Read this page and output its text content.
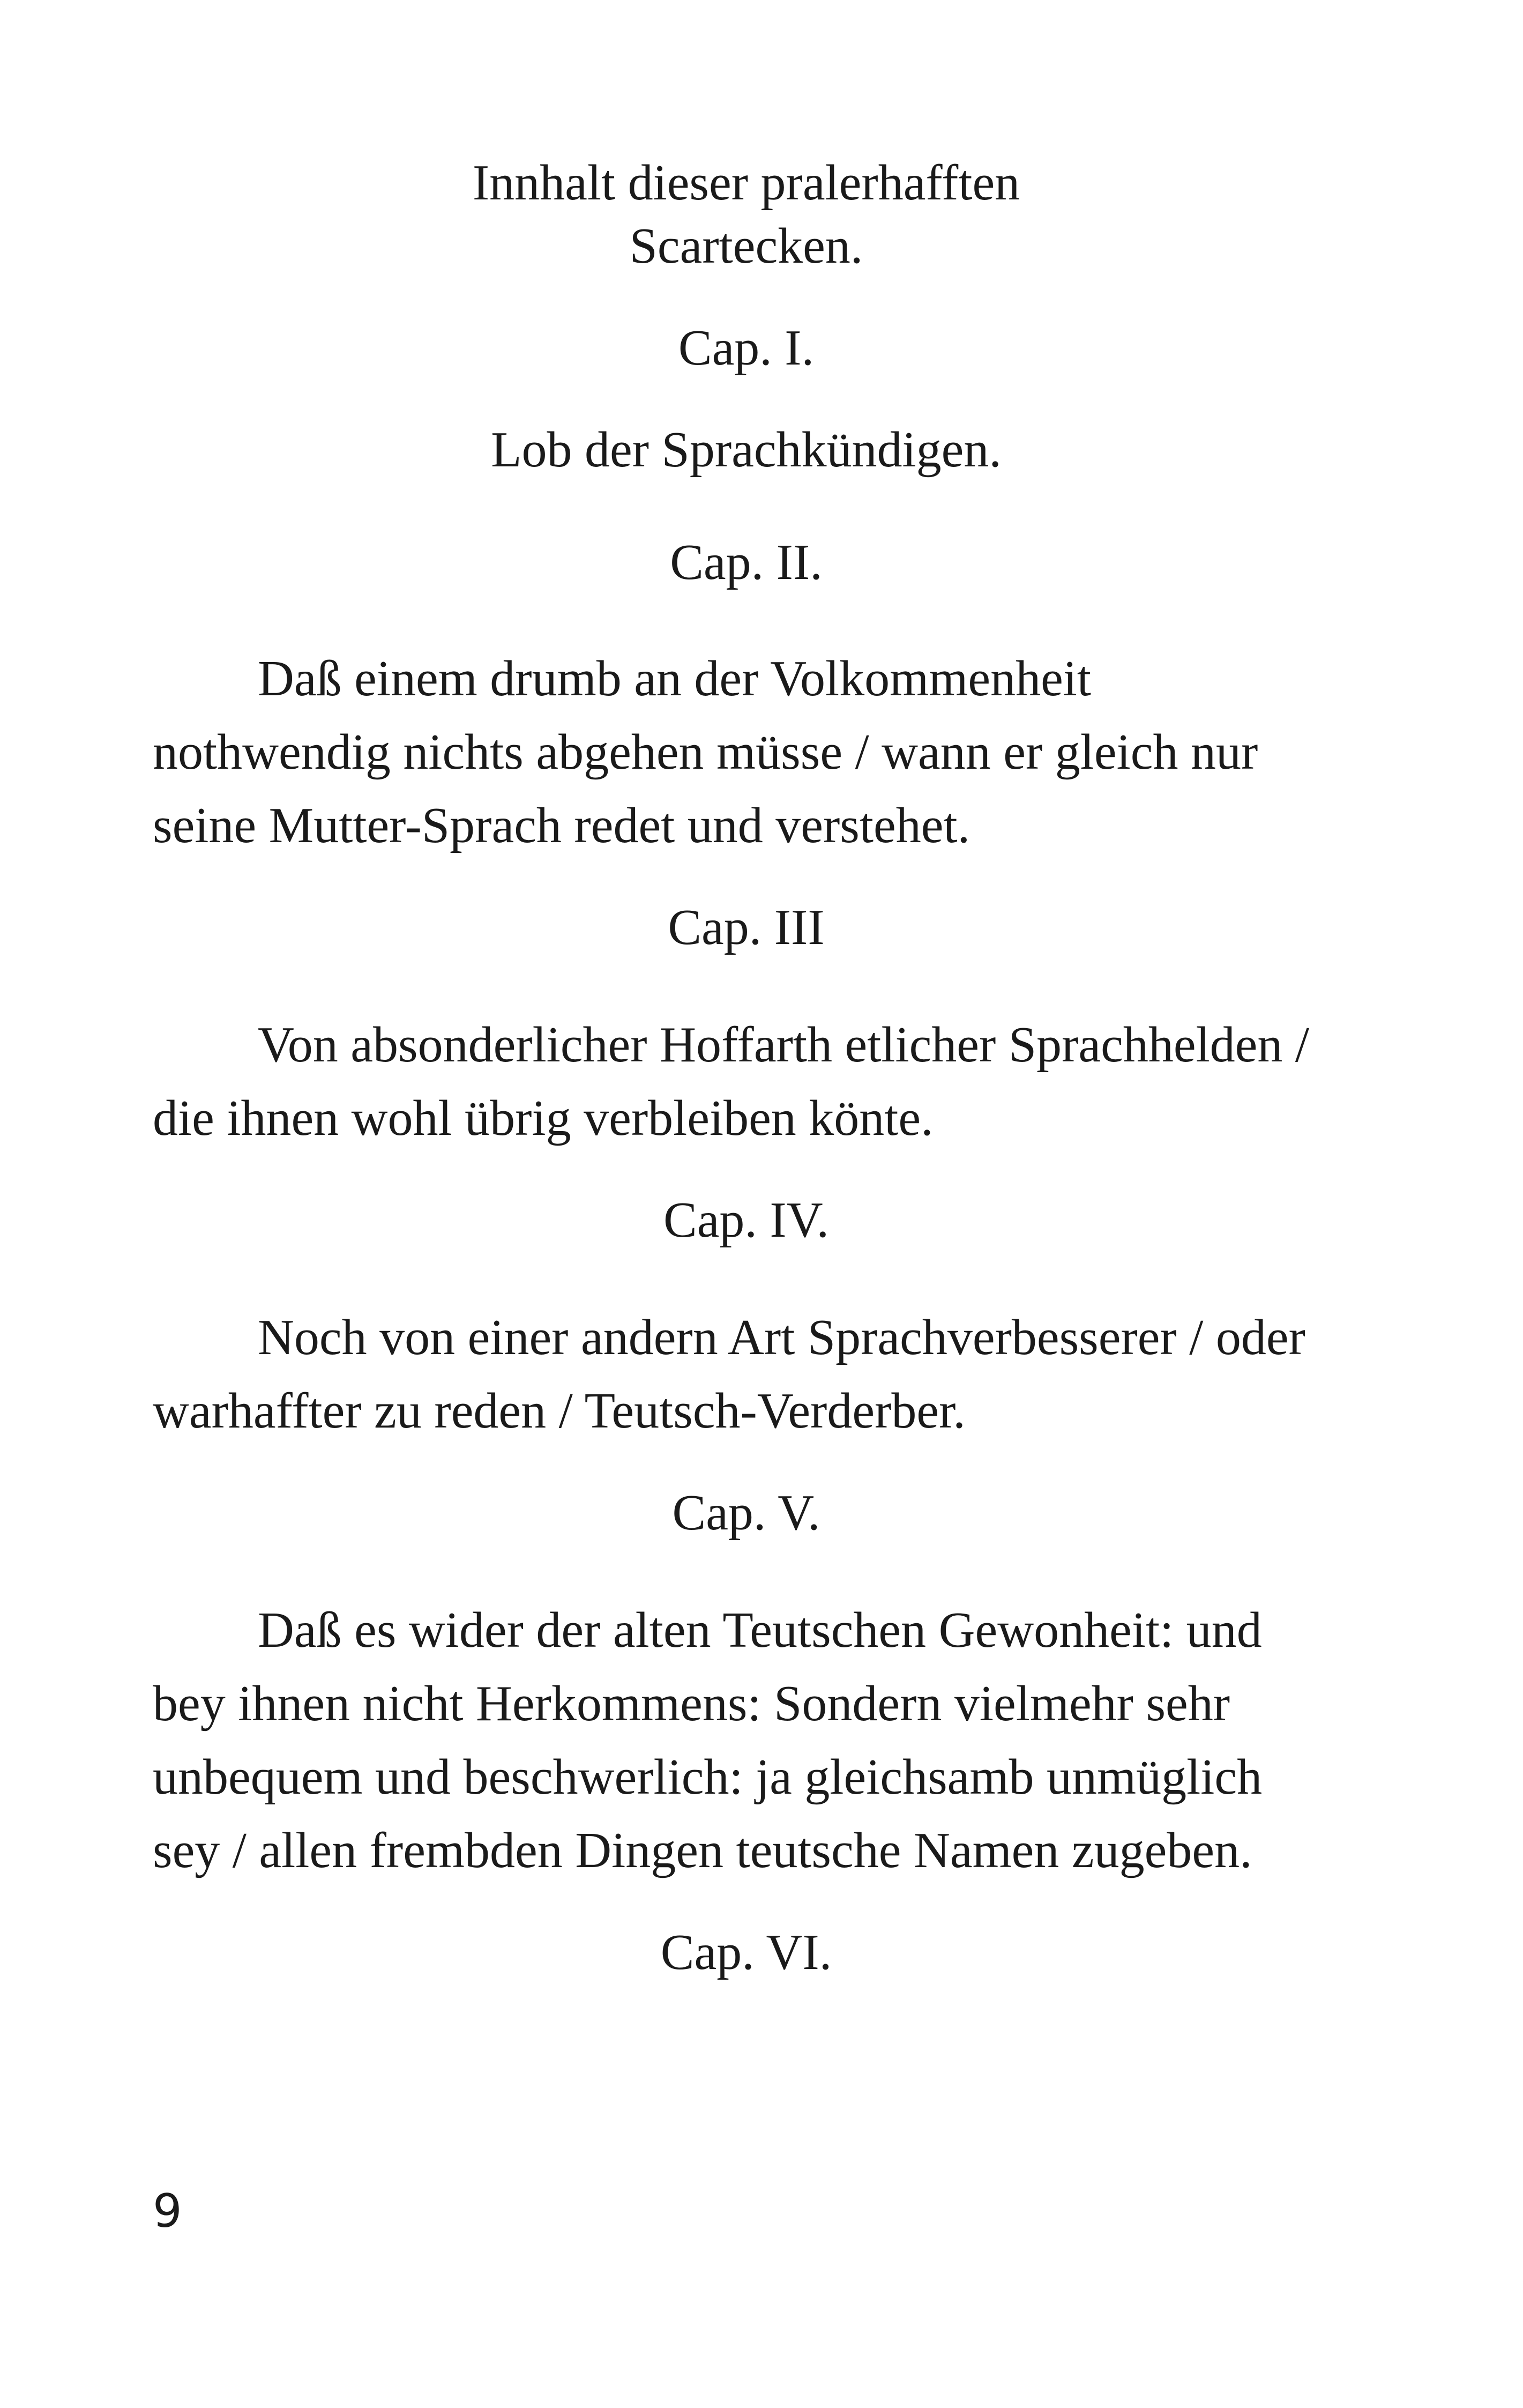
Innhalt dieser pralerhafften
Scartecken.

Cap. I.

Lob der Sprachkündigen.

Cap. II.

Daß einem drumb an der Volkommenheit nothwendig nichts abgehen müsse / wann er gleich nur seine Mutter-Sprach redet und verstehet.

Cap. III

Von absonderlicher Hoffarth etlicher Sprachhelden / die ihnen wohl übrig verbleiben könte.

Cap. IV.

Noch von einer andern Art Sprachverbesserer / oder warhaffter zu reden / Teutsch-Verderber.

Cap. V.

Daß es wider der alten Teutschen Gewonheit: und bey ihnen nicht Herkommens: Sondern vielmehr sehr unbequem und beschwerlich: ja gleichsamb unmüglich sey / allen frembden Dingen teutsche Namen zugeben.

Cap. VI.

9
